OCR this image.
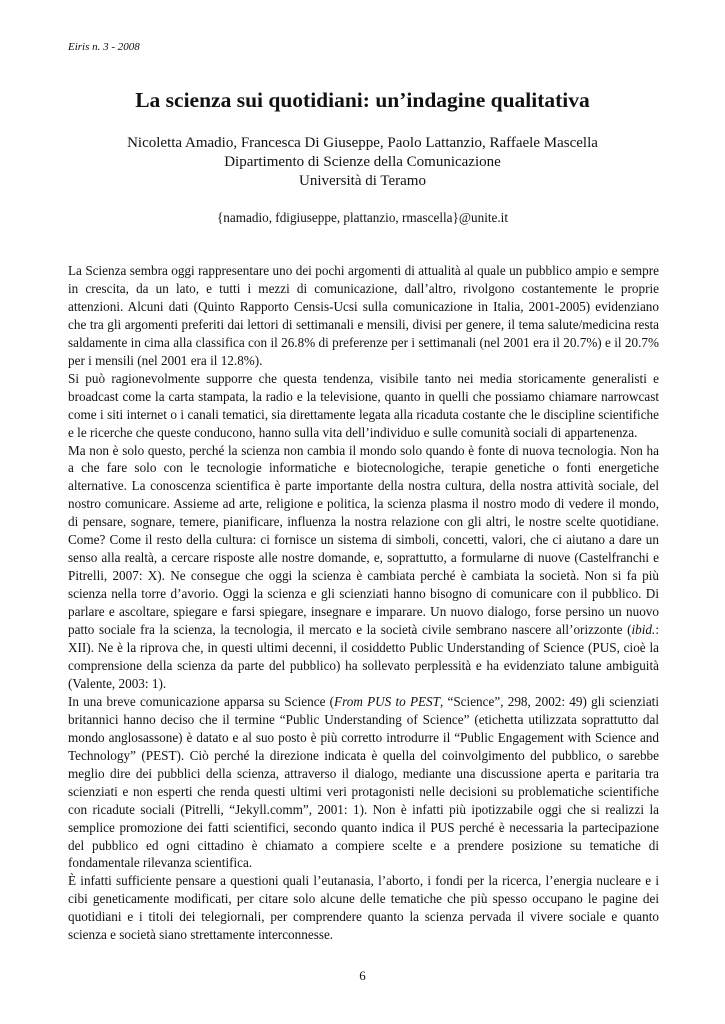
Eiris n. 3 - 2008
La scienza sui quotidiani: un’indagine qualitativa
Nicoletta Amadio, Francesca Di Giuseppe, Paolo Lattanzio, Raffaele Mascella
Dipartimento di Scienze della Comunicazione
Università di Teramo
{namadio, fdigiuseppe, plattanzio, rmascella}@unite.it

La Scienza sembra oggi rappresentare uno dei pochi argomenti di attualità al quale un pubblico ampio e sempre in crescita, da un lato, e tutti i mezzi di comunicazione, dall’altro, rivolgono costantemente le proprie attenzioni. Alcuni dati (Quinto Rapporto Censis-Ucsi sulla comunicazione in Italia, 2001-2005) evidenziano che tra gli argomenti preferiti dai lettori di settimanali e mensili, divisi per genere, il tema salute/medicina resta saldamente in cima alla classifica con il 26.8% di preferenze per i settimanali (nel 2001 era il 20.7%) e il 20.7% per i mensili (nel 2001 era il 12.8%).

Si può ragionevolmente supporre che questa tendenza, visibile tanto nei media storicamente generalisti e broadcast come la carta stampata, la radio e la televisione, quanto in quelli che possiamo chiamare narrowcast come i siti internet o i canali tematici, sia direttamente legata alla ricaduta costante che le discipline scientifiche e le ricerche che queste conducono, hanno sulla vita dell’individuo e sulle comunità sociali di appartenenza.

Ma non è solo questo, perché la scienza non cambia il mondo solo quando è fonte di nuova tecnologia. Non ha a che fare solo con le tecnologie informatiche e biotecnologiche, terapie genetiche o fonti energetiche alternative. La conoscenza scientifica è parte importante della nostra cultura, della nostra attività sociale, del nostro comunicare. Assieme ad arte, religione e politica, la scienza plasma il nostro modo di vedere il mondo, di pensare, sognare, temere, pianificare, influenza la nostra relazione con gli altri, le nostre scelte quotidiane. Come? Come il resto della cultura: ci fornisce un sistema di simboli, concetti, valori, che ci aiutano a dare un senso alla realtà, a cercare risposte alle nostre domande, e, soprattutto, a formularne di nuove (Castelfranchi e Pitrelli, 2007: X). Ne consegue che oggi la scienza è cambiata perché è cambiata la società. Non si fa più scienza nella torre d’avorio. Oggi la scienza e gli scienziati hanno bisogno di comunicare con il pubblico. Di parlare e ascoltare, spiegare e farsi spiegare, insegnare e imparare. Un nuovo dialogo, forse persino un nuovo patto sociale fra la scienza, la tecnologia, il mercato e la società civile sembrano nascere all’orizzonte (ibid.: XII). Ne è la riprova che, in questi ultimi decenni, il cosiddetto Public Understanding of Science (PUS, cioè la comprensione della scienza da parte del pubblico) ha sollevato perplessità e ha evidenziato talune ambiguità (Valente, 2003: 1).

In una breve comunicazione apparsa su Science (From PUS to PEST, “Science”, 298, 2002: 49) gli scienziati britannici hanno deciso che il termine “Public Understanding of Science” (etichetta utilizzata soprattutto dal mondo anglosassone) è datato e al suo posto è più corretto introdurre il “Public Engagement with Science and Technology” (PEST). Ciò perché la direzione indicata è quella del coinvolgimento del pubblico, o sarebbe meglio dire dei pubblici della scienza, attraverso il dialogo, mediante una discussione aperta e paritaria tra scienziati e non esperti che renda questi ultimi veri protagonisti nelle decisioni su problematiche scientifiche con ricadute sociali (Pitrelli, “Jekyll.comm”, 2001: 1). Non è infatti più ipotizzabile oggi che si realizzi la semplice promozione dei fatti scientifici, secondo quanto indica il PUS perché è necessaria la partecipazione del pubblico ed ogni cittadino è chiamato a compiere scelte e a prendere posizione su tematiche di fondamentale rilevanza scientifica.

È infatti sufficiente pensare a questioni quali l’eutanasia, l’aborto, i fondi per la ricerca, l’energia nucleare e i cibi geneticamente modificati, per citare solo alcune delle tematiche che più spesso occupano le pagine dei quotidiani e i titoli dei telegiornali, per comprendere quanto la scienza pervada il vivere sociale e quanto scienza e società siano strettamente interconnesse.

6
